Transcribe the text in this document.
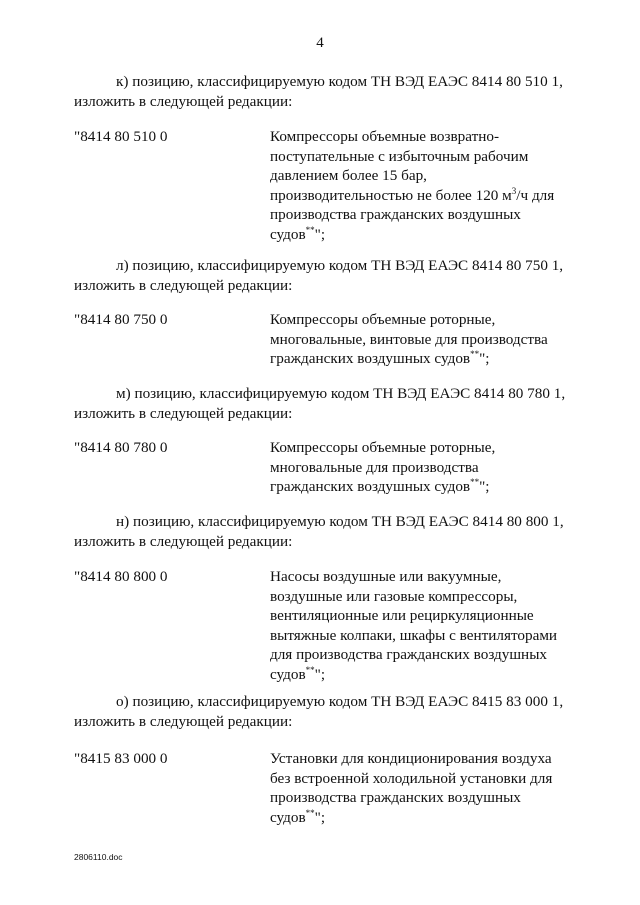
4
к) позицию, классифицируемую кодом ТН ВЭД ЕАЭС 8414 80 510 1,
изложить в следующей редакции:
"8414 80 510 0	Компрессоры объемные возвратно-
поступательные с избыточным рабочим
давлением более 15 бар,
производительностью не более 120 $м^3/ч$ для
производства гражданских воздушных
судов**";
л) позицию, классифицируемую кодом ТН ВЭД ЕАЭС 8414 80 750 1,
изложить в следующей редакции:
"8414 80 750 0	Компрессоры объемные роторные,
многовальные, винтовые для производства
гражданских воздушных судов**";
м) позицию, классифицируемую кодом ТН ВЭД ЕАЭС 8414 80 780 1,
изложить в следующей редакции:
"8414 80 780 0	Компрессоры объемные роторные,
многовальные для производства
гражданских воздушных судов**";
н) позицию, классифицируемую кодом ТН ВЭД ЕАЭС 8414 80 800 1,
изложить в следующей редакции:
"8414 80 800 0	Насосы воздушные или вакуумные,
воздушные или газовые компрессоры,
вентиляционные или рециркуляционные
вытяжные колпаки, шкафы с вентиляторами
для производства гражданских воздушных
судов**";
о) позицию, классифицируемую кодом ТН ВЭД ЕАЭС 8415 83 000 1,
изложить в следующей редакции:
"8415 83 000 0	Установки для кондиционирования воздуха
без встроенной холодильной установки для
производства гражданских воздушных
судов**";
2806110.doc
